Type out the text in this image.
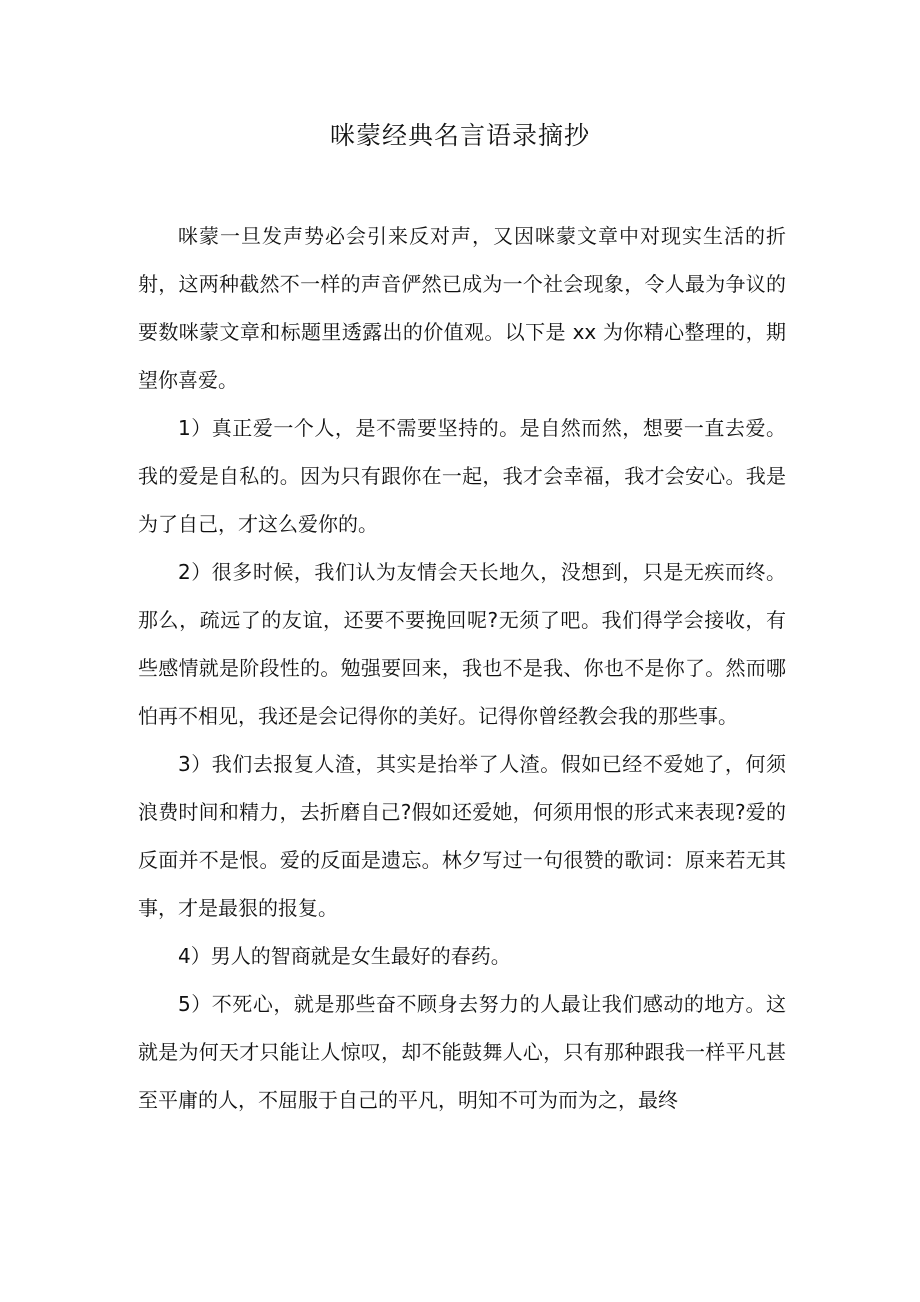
咪蒙经典名言语录摘抄

咪蒙一旦发声势必会引来反对声，又因咪蒙文章中对现实生活的折射，这两种截然不一样的声音俨然已成为一个社会现象，令人最为争议的要数咪蒙文章和标题里透露出的价值观。以下是 xx 为你精心整理的，期望你喜爱。

1）真正爱一个人，是不需要坚持的。是自然而然，想要一直去爱。我的爱是自私的。因为只有跟你在一起，我才会幸福，我才会安心。我是为了自己，才这么爱你的。

2）很多时候，我们认为友情会天长地久，没想到，只是无疾而终。那么，疏远了的友谊，还要不要挽回呢?无须了吧。我们得学会接收，有些感情就是阶段性的。勉强要回来，我也不是我、你也不是你了。然而哪怕再不相见，我还是会记得你的美好。记得你曾经教会我的那些事。

3）我们去报复人渣，其实是抬举了人渣。假如已经不爱她了，何须浪费时间和精力，去折磨自己?假如还爱她，何须用恨的形式来表现?爱的反面并不是恨。爱的反面是遗忘。林夕写过一句很赞的歌词：原来若无其事，才是最狠的报复。

4）男人的智商就是女生最好的春药。

5）不死心，就是那些奋不顾身去努力的人最让我们感动的地方。这就是为何天才只能让人惊叹，却不能鼓舞人心，只有那种跟我一样平凡甚至平庸的人，不屈服于自己的平凡，明知不可为而为之，最终
